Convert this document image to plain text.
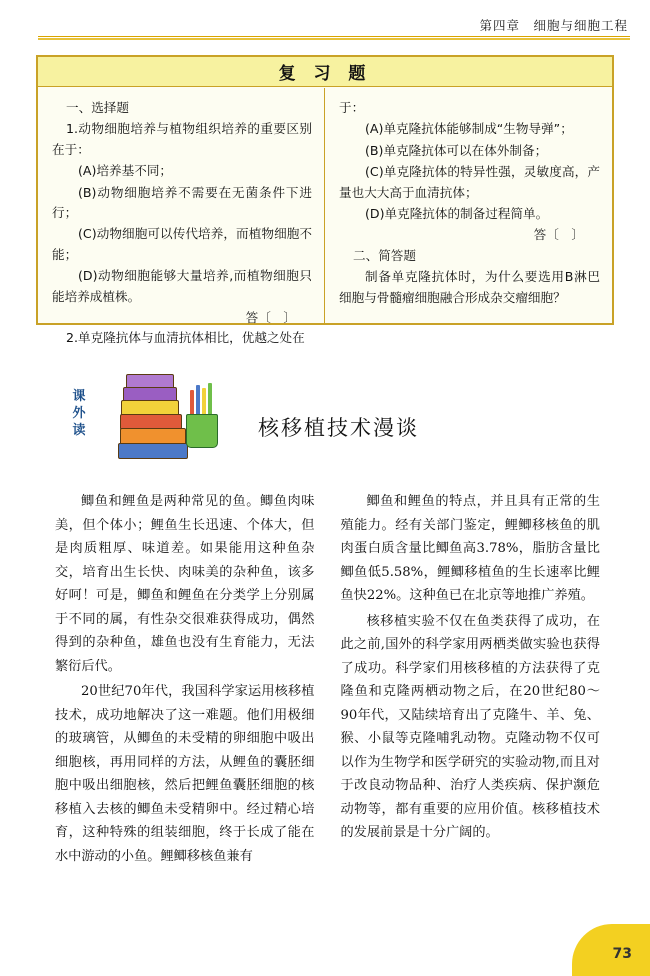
第四章　细胞与细胞工程
复 习 题

一、选择题

1.动物细胞培养与植物组织培养的重要区别在于：

(A)培养基不同；

(B)动物细胞培养不需要在无菌条件下进行；

(C)动物细胞可以传代培养，而植物细胞不能；

(D)动物细胞能够大量培养,而植物细胞只能培养成植株。

答〔　〕

2.单克隆抗体与血清抗体相比，优越之处在

于：

(A)单克隆抗体能够制成“生物导弹”；

(B)单克隆抗体可以在体外制备；

(C)单克隆抗体的特异性强，灵敏度高，产量也大大高于血清抗体；

(D)单克隆抗体的制备过程简单。

答〔　〕

二、简答题

制备单克隆抗体时，为什么要选用B淋巴细胞与骨髓瘤细胞融合形成杂交瘤细胞？

课
外
读	核移植技术漫谈

鲫鱼和鲤鱼是两种常见的鱼。鲫鱼肉味美，但个体小；鲤鱼生长迅速、个体大，但是肉质粗厚、味道差。如果能用这种鱼杂交，培育出生长快、肉味美的杂种鱼，该多好呵！可是，鲫鱼和鲤鱼在分类学上分别属于不同的属，有性杂交很难获得成功，偶然得到的杂种鱼，雄鱼也没有生育能力，无法繁衍后代。

20世纪70年代，我国科学家运用核移植技术，成功地解决了这一难题。他们用极细的玻璃管，从鲫鱼的未受精的卵细胞中吸出细胞核，再用同样的方法，从鲤鱼的囊胚细胞中吸出细胞核，然后把鲤鱼囊胚细胞的核移植入去核的鲫鱼未受精卵中。经过精心培育，这种特殊的组装细胞，终于长成了能在水中游动的小鱼。鲤鲫移核鱼兼有

鲫鱼和鲤鱼的特点，并且具有正常的生殖能力。经有关部门鉴定，鲤鲫移核鱼的肌肉蛋白质含量比鲫鱼高3.78%，脂肪含量比鲫鱼低5.58%，鲤鲫移植鱼的生长速率比鲤鱼快22%。这种鱼已在北京等地推广养殖。

核移植实验不仅在鱼类获得了成功，在此之前,国外的科学家用两栖类做实验也获得了成功。科学家们用核移植的方法获得了克隆鱼和克隆两栖动物之后，在20世纪80～90年代，又陆续培育出了克隆牛、羊、兔、猴、小鼠等克隆哺乳动物。克隆动物不仅可以作为生物学和医学研究的实验动物,而且对于改良动物品种、治疗人类疾病、保护濒危动物等，都有重要的应用价值。核移植技术的发展前景是十分广阔的。

73
